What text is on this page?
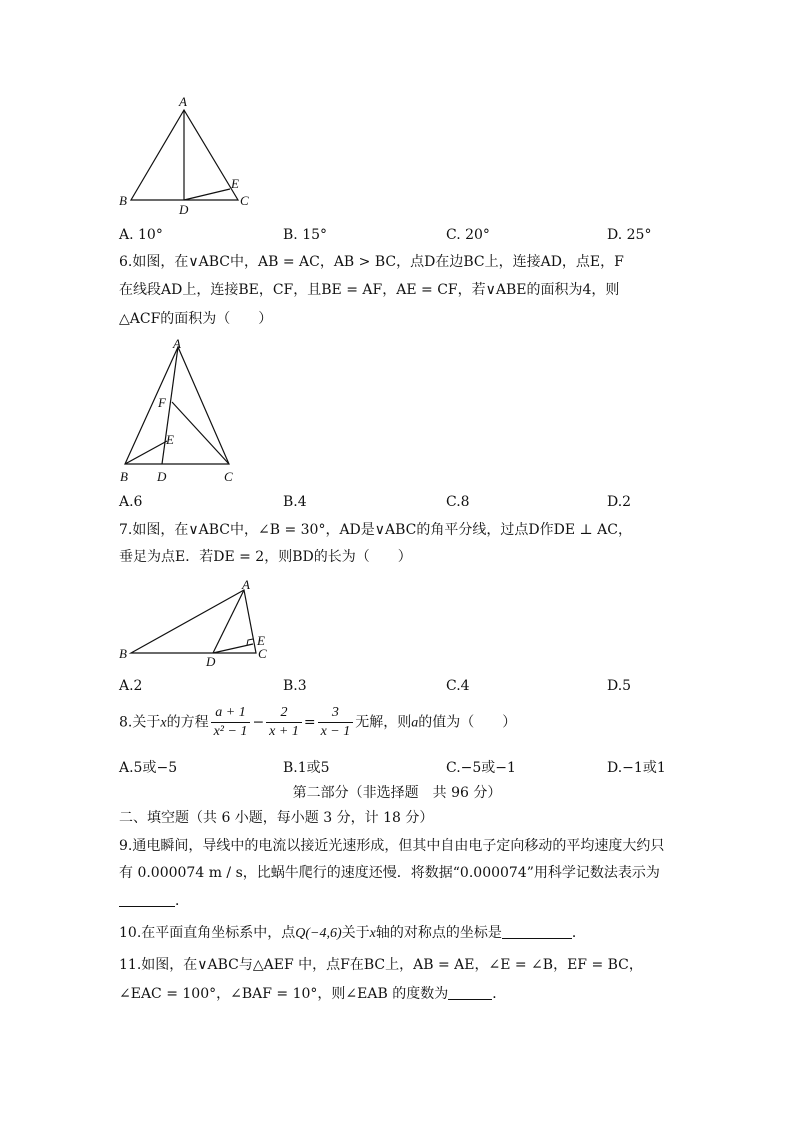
A
B	C
D
E
A. 10°	B. 15°	C. 20°	D. 25°
6.如图，在∨ABC中，AB = AC，AB > BC，点D在边BC上，连接AD，点E，F
在线段AD上，连接BE，CF，且BE = AF，AE = CF，若∨ABE的面积为4，则
△ACF的面积为（　　）
A
B	C
D
E
F
A.6	B.4	C.8	D.2
7.如图，在∨ABC中，∠B = 30°，AD是∨ABC的角平分线，过点D作DE ⊥ AC，
垂足为点E．若DE = 2，则BD的长为（　　）
A
B	C
D
E
A.2	B.3	C.4	D.5
8.关于x的方程 $\frac{a + 1}{\text{x² − 1}} - \frac{2}{x + 1} = \frac{3}{x - 1}$ 无解，则a的值为（　　）
A.5或−5	B.1或5	C.−5或−1	D.−1或1
第二部分（非选择题　共 96 分）
二、填空题（共 6 小题，每小题 3 分，计 18 分）
9.通电瞬间，导线中的电流以接近光速形成，但其中自由电子定向移动的平均速度大约只
有 0.000074 m / s，比蜗牛爬行的速度还慢．将数据“0.000074”用科学记数法表示为
．
10.在平面直角坐标系中，点Q(−4,6)关于x轴的对称点的坐标是	．
11.如图，在∨ABC与△AEF 中，点F在BC上，AB = AE，∠E = ∠B，EF = BC，
∠EAC = 100°，∠BAF = 10°，则∠EAB 的度数为	．
